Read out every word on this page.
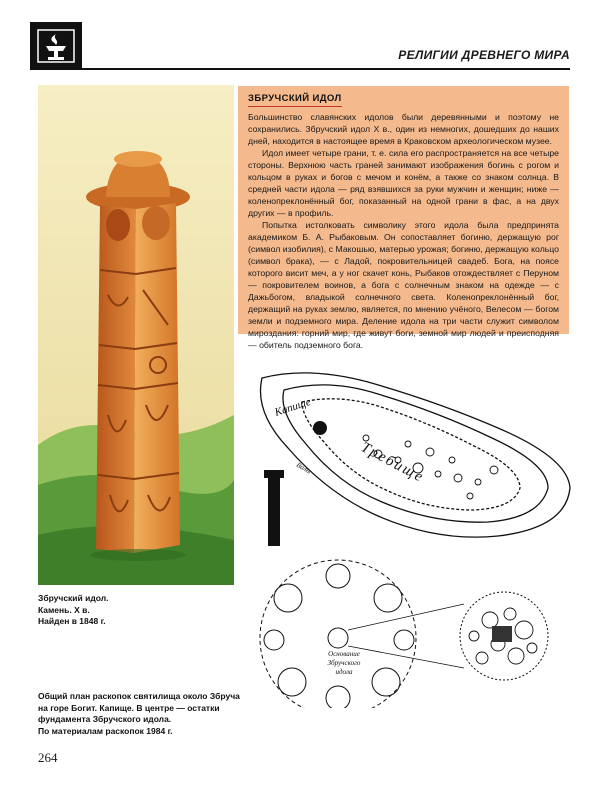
РЕЛИГИИ ДРЕВНЕГО МИРА
ЗБРУЧСКИЙ ИДОЛ

Большинство славянских идолов были деревянными и поэтому не сохранились. Збручский идол X в., один из немногих, дошедших до наших дней, находится в настоящее время в Краковском археологическом музее.

Идол имеет четыре грани, т. е. сила его распространяется на все четыре стороны. Верхнюю часть граней занимают изображения богинь с рогом и кольцом в руках и богов с мечом и конём, а также со знаком солнца. В средней части идола — ряд взявшихся за руки мужчин и женщин; ниже — коленопреклонённый бог, показанный на одной грани в фас, а на двух других — в профиль.

Попытка истолковать символику этого идола была предпринята академиком Б. А. Рыбаковым. Он сопоставляет богиню, держащую рог (символ изобилия), с Макошью, матерью урожая; богиню, держащую кольцо (символ брака), — с Ладой, покровительницей свадеб. Бога, на поясе которого висит меч, а у ног скачет конь, Рыбаков отождествляет с Перуном — покровителем воинов, а бога с солнечным знаком на одежде — с Дажьбогом, владыкой солнечного света. Коленопреклонённый бог, держащий на руках землю, является, по мнению учёного, Велесом — богом земли и подземного мира. Деление идола на три части служит символом мироздания: горний мир, где живут боги, земной мир людей и преисподняя — обитель подземного бога.

Капище
Требище
Валы
Основание
Збручского
идола
Збручский идол.
Камень. X в.
Найден в 1848 г.
Общий план раскопок святилища около Збруча
на горе Богит. Капище. В центре — остатки
фундамента Збручского идола.
По материалам раскопок 1984 г.
264
